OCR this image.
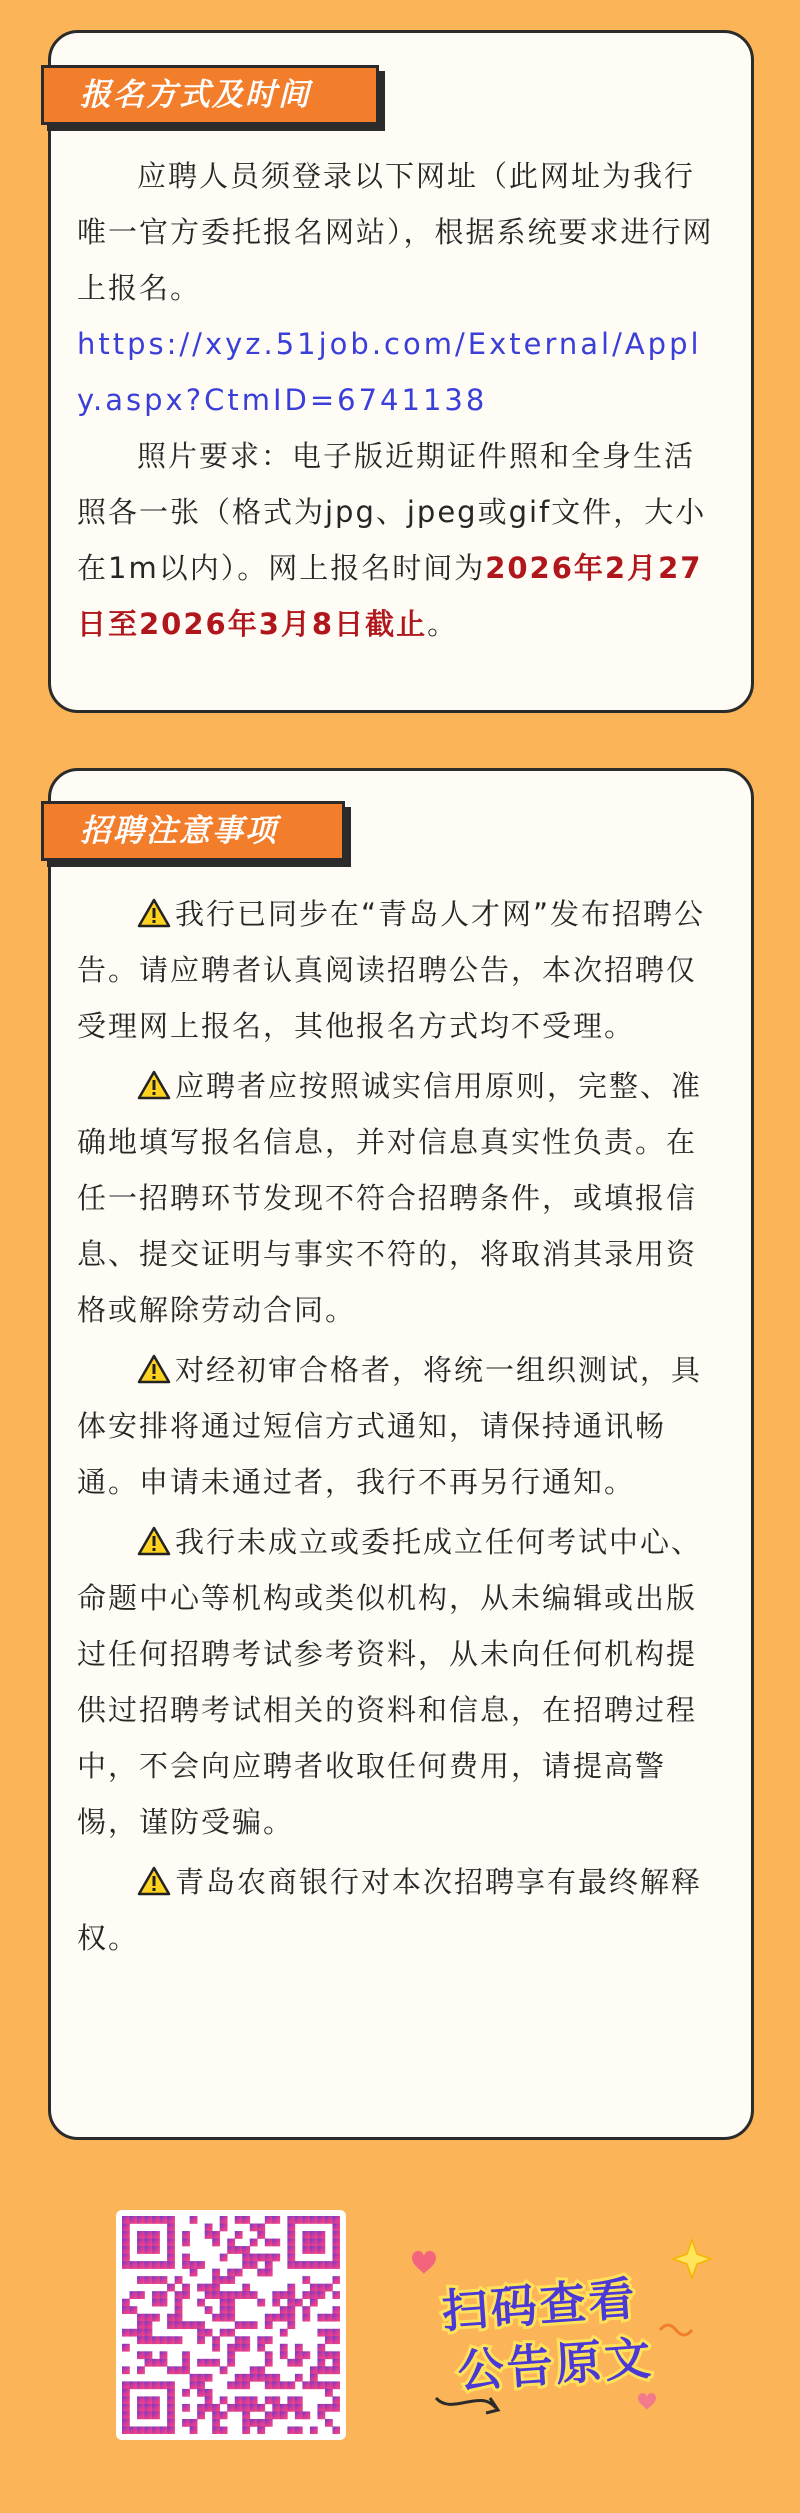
报名方式及时间

应聘人员须登录以下网址（此网址为我行唯一官方委托报名网站），根据系统要求进行网上报名。

https://xyz.51job.com/External/Apply.aspx?CtmID=6741138

照片要求：电子版近期证件照和全身生活照各一张（格式为jpg、jpeg或gif文件，大小在1m以内）。网上报名时间为2026年2月27日至2026年3月8日截止。

招聘注意事项

我行已同步在“青岛人才网”发布招聘公告。请应聘者认真阅读招聘公告，本次招聘仅受理网上报名，其他报名方式均不受理。

应聘者应按照诚实信用原则，完整、准确地填写报名信息，并对信息真实性负责。在任一招聘环节发现不符合招聘条件，或填报信息、提交证明与事实不符的，将取消其录用资格或解除劳动合同。

对经初审合格者，将统一组织测试，具体安排将通过短信方式通知，请保持通讯畅通。申请未通过者，我行不再另行通知。

我行未成立或委托成立任何考试中心、命题中心等机构或类似机构，从未编辑或出版过任何招聘考试参考资料，从未向任何机构提供过招聘考试相关的资料和信息，在招聘过程中，不会向应聘者收取任何费用，请提高警惕，谨防受骗。

青岛农商银行对本次招聘享有最终解释权。

扫码查看
公告原文
